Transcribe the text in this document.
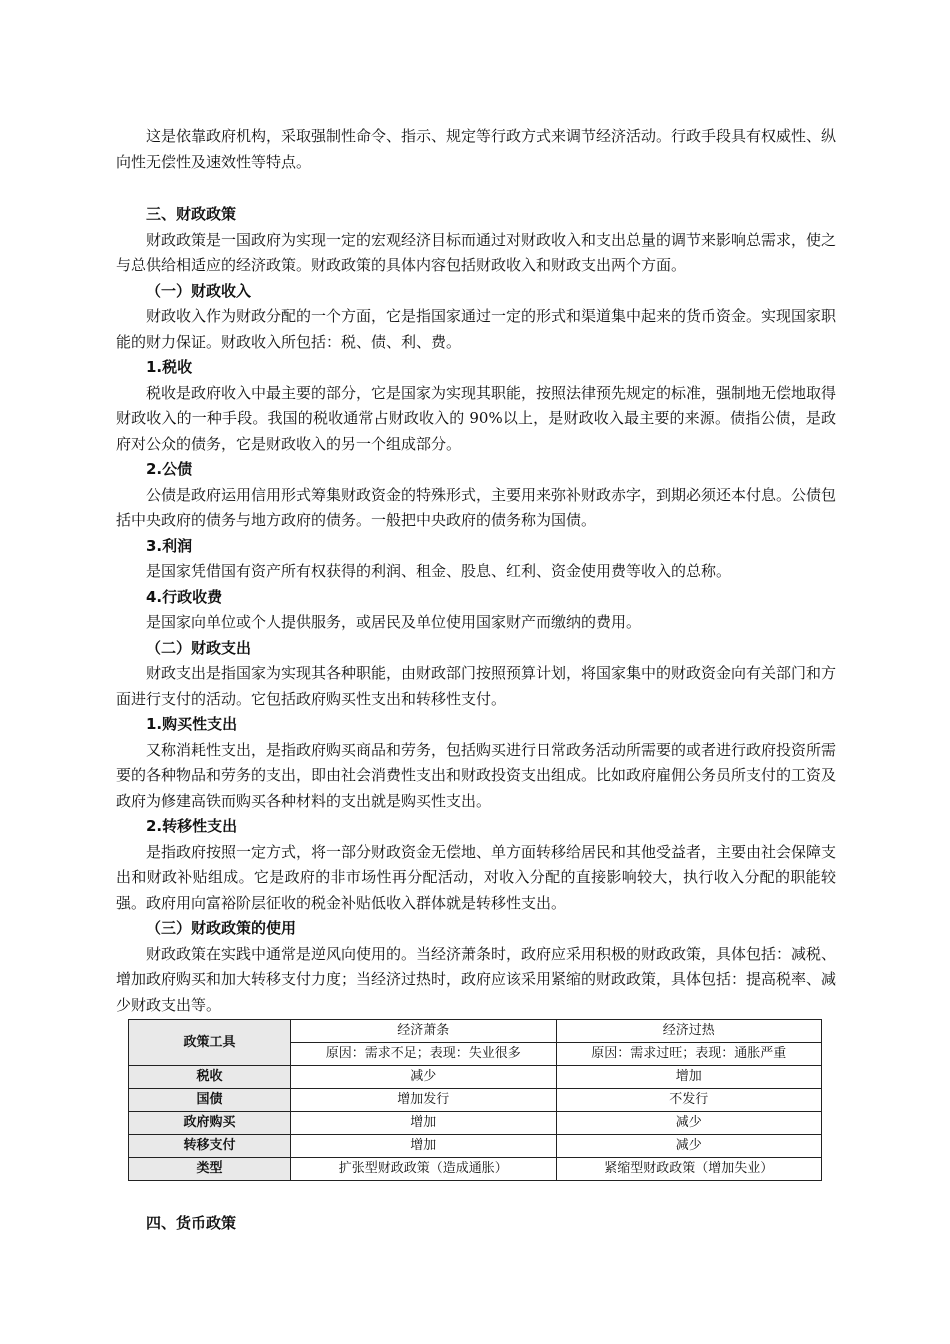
这是依靠政府机构，采取强制性命令、指示、规定等行政方式来调节经济活动。行政手段具有权威性、纵向性无偿性及速效性等特点。

三、财政政策

财政政策是一国政府为实现一定的宏观经济目标而通过对财政收入和支出总量的调节来影响总需求，使之与总供给相适应的经济政策。财政政策的具体内容包括财政收入和财政支出两个方面。

（一）财政收入

财政收入作为财政分配的一个方面，它是指国家通过一定的形式和渠道集中起来的货币资金。实现国家职能的财力保证。财政收入所包括：税、债、利、费。

1.税收

税收是政府收入中最主要的部分，它是国家为实现其职能，按照法律预先规定的标准，强制地无偿地取得财政收入的一种手段。我国的税收通常占财政收入的 90%以上，是财政收入最主要的来源。债指公债，是政府对公众的债务，它是财政收入的另一个组成部分。

2.公债

公债是政府运用信用形式筹集财政资金的特殊形式，主要用来弥补财政赤字，到期必须还本付息。公债包括中央政府的债务与地方政府的债务。一般把中央政府的债务称为国债。

3.利润

是国家凭借国有资产所有权获得的利润、租金、股息、红利、资金使用费等收入的总称。

4.行政收费

是国家向单位或个人提供服务，或居民及单位使用国家财产而缴纳的费用。

（二）财政支出

财政支出是指国家为实现其各种职能，由财政部门按照预算计划，将国家集中的财政资金向有关部门和方面进行支付的活动。它包括政府购买性支出和转移性支付。

1.购买性支出

又称消耗性支出，是指政府购买商品和劳务，包括购买进行日常政务活动所需要的或者进行政府投资所需要的各种物品和劳务的支出，即由社会消费性支出和财政投资支出组成。比如政府雇佣公务员所支付的工资及政府为修建高铁而购买各种材料的支出就是购买性支出。

2.转移性支出

是指政府按照一定方式，将一部分财政资金无偿地、单方面转移给居民和其他受益者，主要由社会保障支出和财政补贴组成。它是政府的非市场性再分配活动，对收入分配的直接影响较大，执行收入分配的职能较强。政府用向富裕阶层征收的税金补贴低收入群体就是转移性支出。

（三）财政政策的使用

财政政策在实践中通常是逆风向使用的。当经济萧条时，政府应采用积极的财政政策，具体包括：减税、增加政府购买和加大转移支付力度；当经济过热时，政府应该采用紧缩的财政政策，具体包括：提高税率、减少财政支出等。

政策工具	经济萧条	经济过热
	原因：需求不足；表现：失业很多	原因：需求过旺；表现：通胀严重
税收	减少	增加
国债	增加发行	不发行
政府购买	增加	减少
转移支付	增加	减少
类型	扩张型财政政策（造成通胀）	紧缩型财政政策（增加失业）

四、货币政策
